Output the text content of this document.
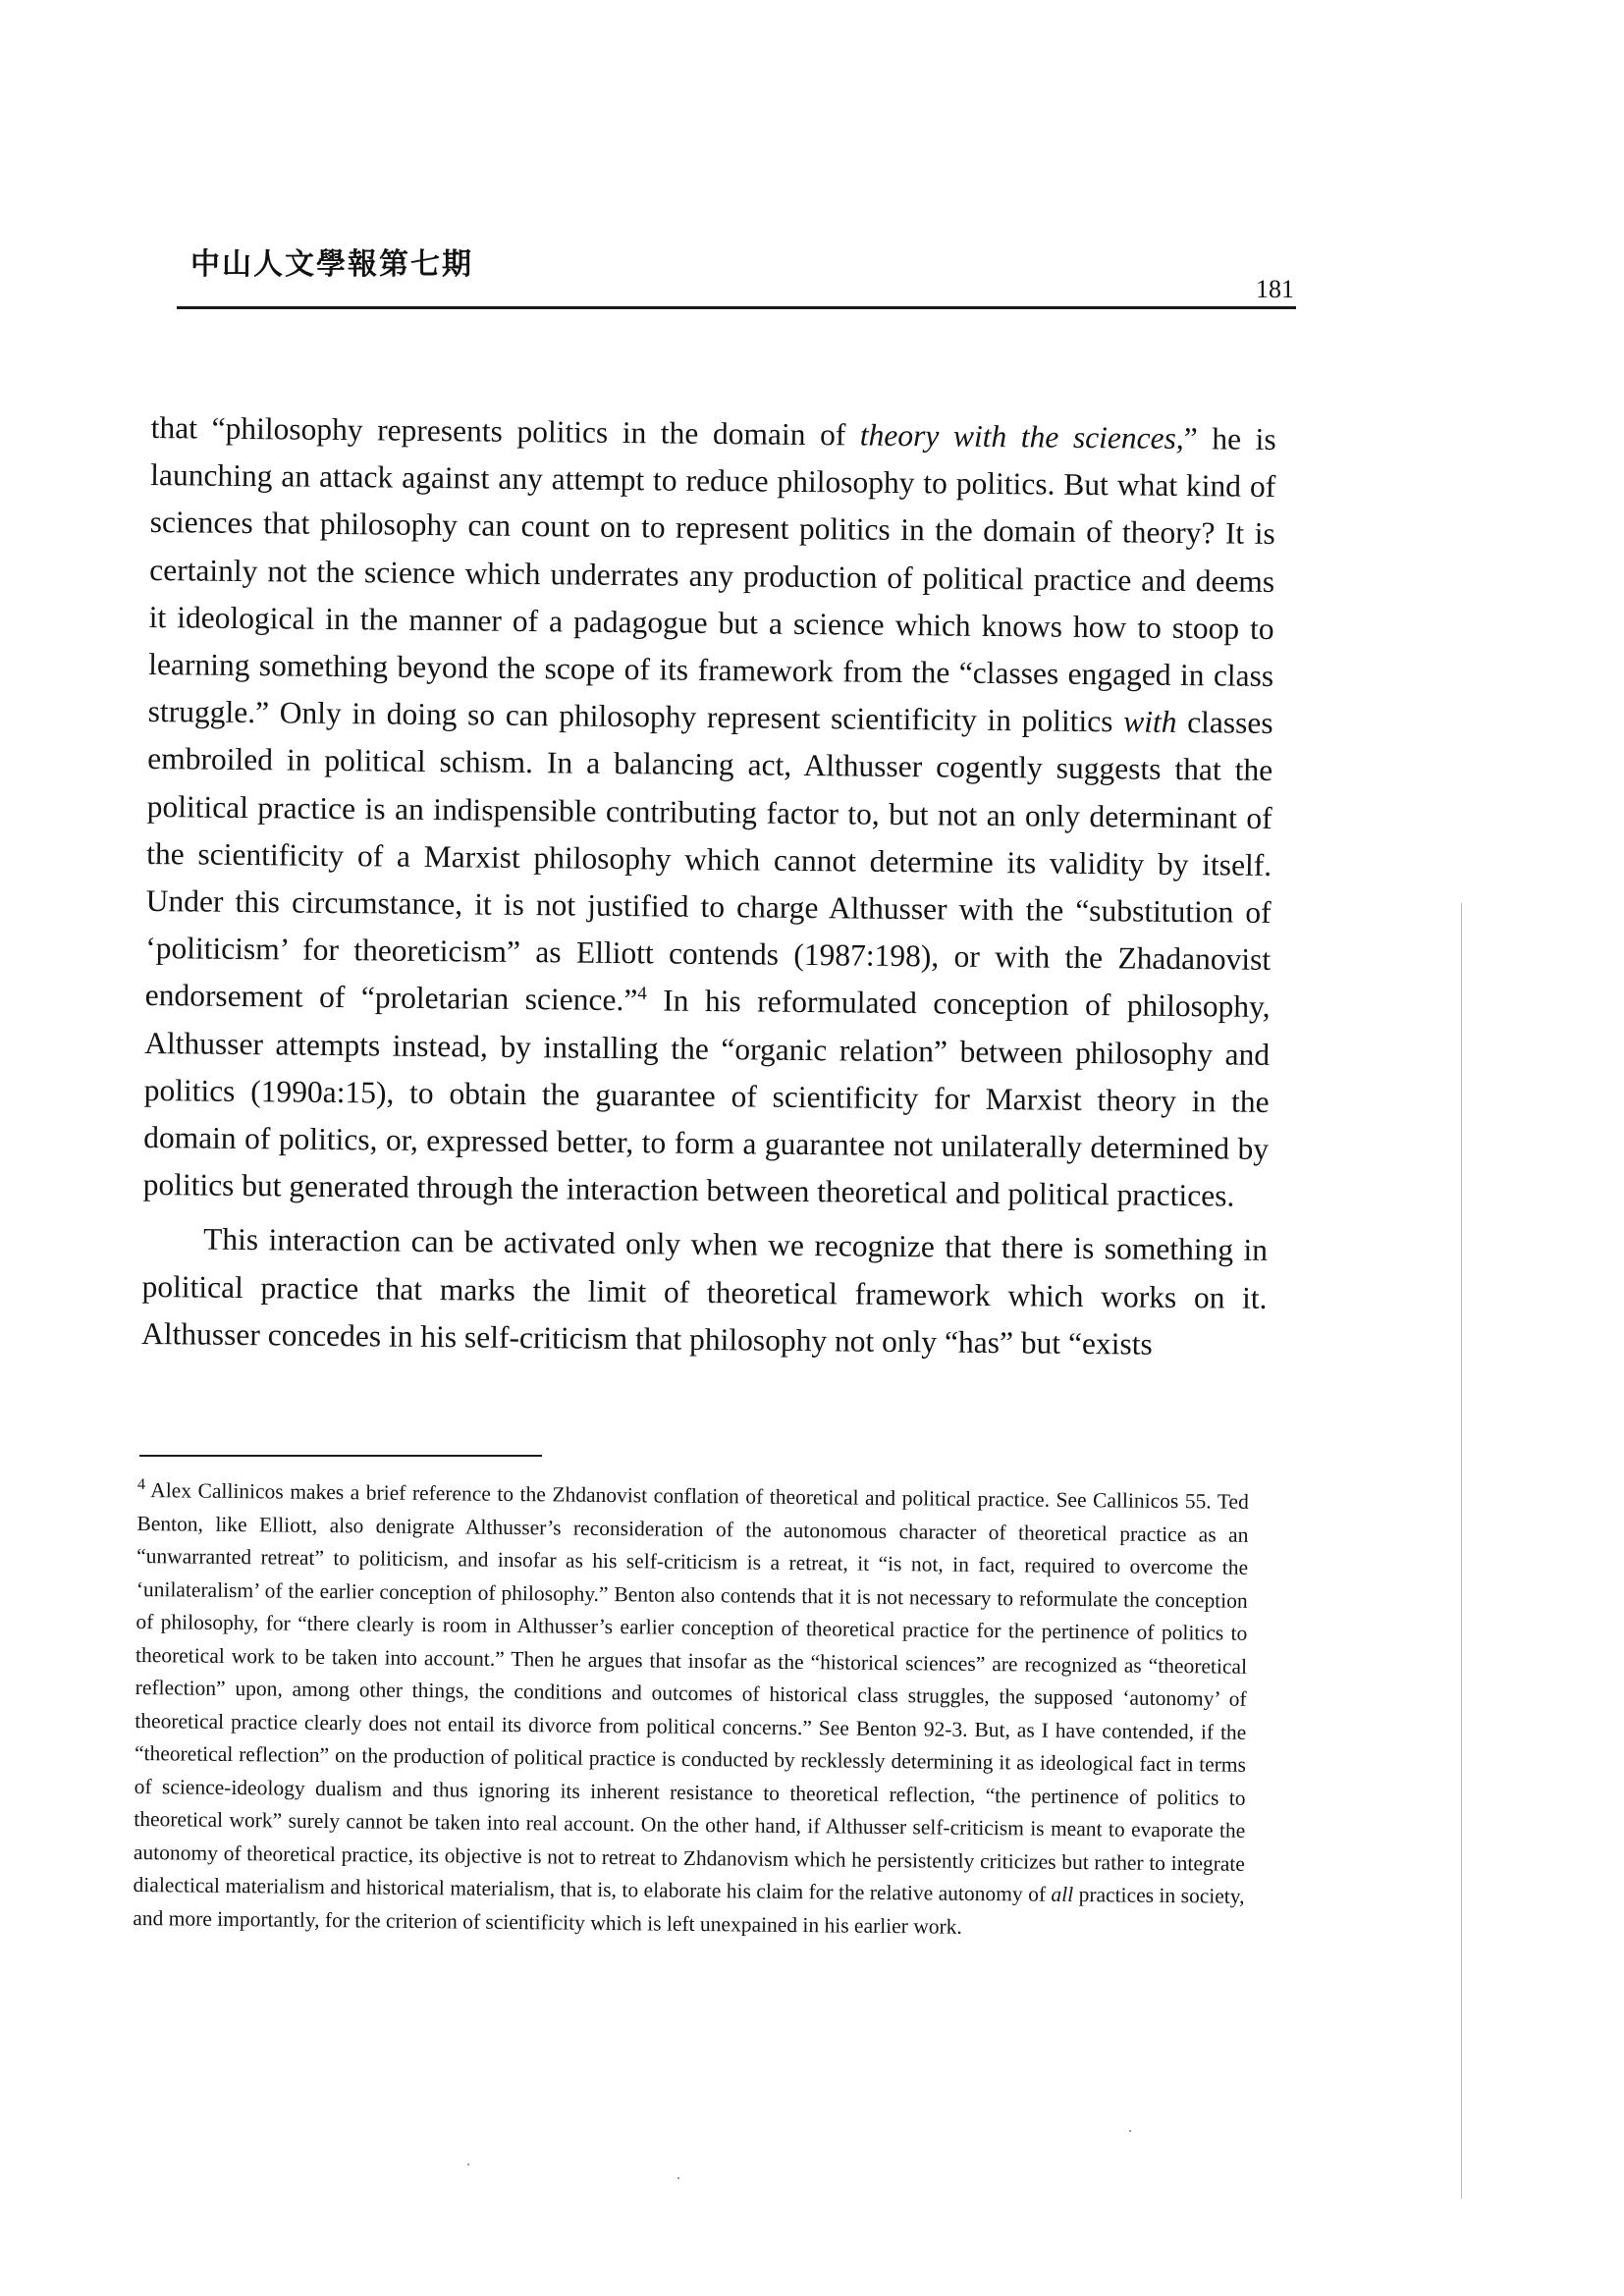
中山人文學報第七期
181

that “philosophy represents politics in the domain of theory with the sciences,” he is launching an attack against any attempt to reduce philosophy to politics. But what kind of sciences that philosophy can count on to represent politics in the domain of theory? It is certainly not the science which underrates any production of political practice and deems it ideological in the manner of a padagogue but a science which knows how to stoop to learning something beyond the scope of its framework from the “classes engaged in class struggle.” Only in doing so can philosophy represent scientificity in politics with classes embroiled in political schism. In a balancing act, Althusser cogently suggests that the political practice is an indispensible contributing factor to, but not an only determinant of the scientificity of a Marxist philosophy which cannot determine its validity by itself. Under this circumstance, it is not justified to charge Althusser with the “substitution of ‘politicism’ for theoreticism” as Elliott contends (1987:198), or with the Zhadanovist endorsement of “proletarian science.”$^4$ In his reformulated conception of philosophy, Althusser attempts instead, by installing the “organic relation” between philosophy and politics (1990a:15), to obtain the guarantee of scientificity for Marxist theory in the domain of politics, or, expressed better, to form a guarantee not unilaterally determined by politics but generated through the interaction between theoretical and political practices.

This interaction can be activated only when we recognize that there is something in political practice that marks the limit of theoretical framework which works on it. Althusser concedes in his self-criticism that philosophy not only “has” but “exists

$^4$ Alex Callinicos makes a brief reference to the Zhdanovist conflation of theoretical and political practice. See Callinicos 55. Ted Benton, like Elliott, also denigrate Althusser’s reconsideration of the autonomous character of theoretical practice as an “unwarranted retreat” to politicism, and insofar as his self-criticism is a retreat, it “is not, in fact, required to overcome the ‘unilateralism’ of the earlier conception of philosophy.” Benton also contends that it is not necessary to reformulate the conception of philosophy, for “there clearly is room in Althusser’s earlier conception of theoretical practice for the pertinence of politics to theoretical work to be taken into account.” Then he argues that insofar as the “historical sciences” are recognized as “theoretical reflection” upon, among other things, the conditions and outcomes of historical class struggles, the supposed ‘autonomy’ of theoretical practice clearly does not entail its divorce from political concerns.” See Benton 92-3. But, as I have contended, if the “theoretical reflection” on the production of political practice is conducted by recklessly determining it as ideological fact in terms of science-ideology dualism and thus ignoring its inherent resistance to theoretical reflection, “the pertinence of politics to theoretical work” surely cannot be taken into real account. On the other hand, if Althusser self-criticism is meant to evaporate the autonomy of theoretical practice, its objective is not to retreat to Zhdanovism which he persistently criticizes but rather to integrate dialectical materialism and historical materialism, that is, to elaborate his claim for the relative autonomy of all practices in society, and more importantly, for the criterion of scientificity which is left unexpained in his earlier work.
